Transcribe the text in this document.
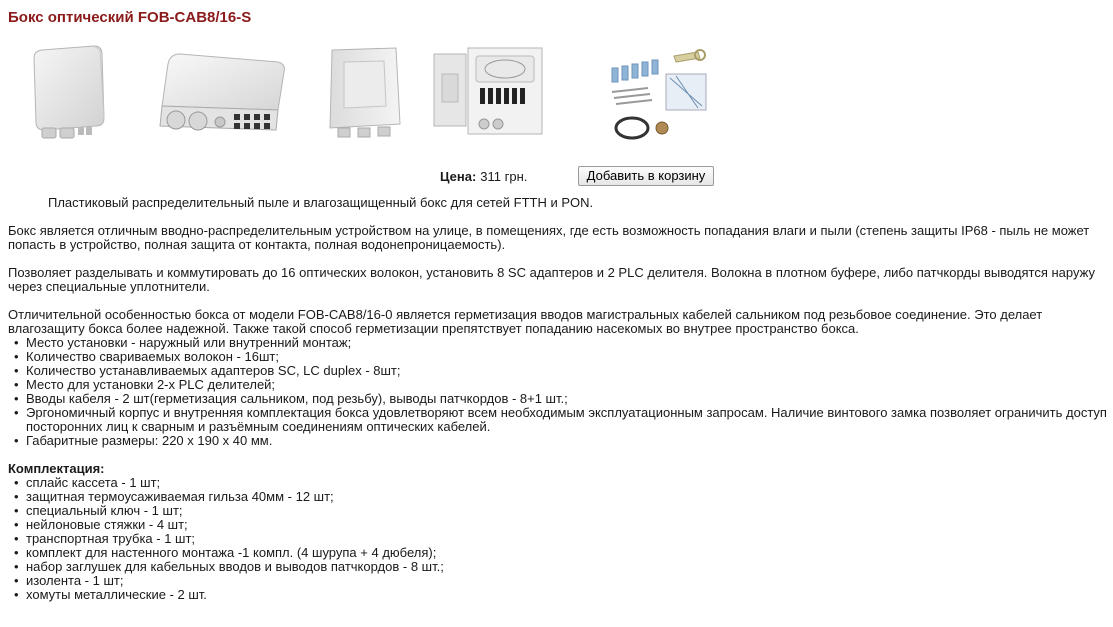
Бокс оптический FOB-CAB8/16-S
Цена: 311 грн.	Добавить в корзину

Пластиковый распределительный пыле и влагозащищенный бокс для сетей FTTH и PON.

Бокс является отличным вводно-распределительным устройством на улице, в помещениях, где есть возможность попадания влаги и пыли (степень защиты IP68 - пыль не может попасть в устройство, полная защита от контакта, полная водонепроницаемость).

Позволяет разделывать и коммутировать до 16 оптических волокон, установить 8 SC адаптеров и 2 PLC делителя. Волокна в плотном буфере, либо патчкорды выводятся наружу через специальные уплотнители.

Отличительной особенностью бокса от модели FOB-CAB8/16-0 является герметизация вводов магистральных кабелей сальником под резьбовое соединение. Это делает влагозащиту бокса более надежной. Также такой способ герметизации препятствует попаданию насекомых во внутрее пространство бокса.

• Место установки - наружный или внутренний монтаж;
• Количество свариваемых волокон - 16шт;
• Количество устанавливаемых адаптеров SC, LC duplex - 8шт;
• Место для установки 2-х PLC делителей;
• Вводы кабеля - 2 шт(герметизация сальником, под резьбу), выводы патчкордов - 8+1 шт.;
• Эргономичный корпус и внутренняя комплектация бокса удовлетворяют всем необходимым эксплуатационным запросам. Наличие винтового замка позволяет ограничить доступ посторонних лиц к сварным и разъёмным соединениям оптических кабелей.
• Габаритные размеры: 220 х 190 х 40 мм.

Комплектация:

• сплайс кассета - 1 шт;
• защитная термоусаживаемая гильза 40мм - 12 шт;
• специальный ключ - 1 шт;
• нейлоновые стяжки - 4 шт;
• транспортная трубка - 1 шт;
• комплект для настенного монтажа -1 компл. (4 шурупа + 4 дюбеля);
• набор заглушек для кабельных вводов и выводов патчкордов - 8 шт.;
• изолента - 1 шт;
• хомуты металлические - 2 шт.
